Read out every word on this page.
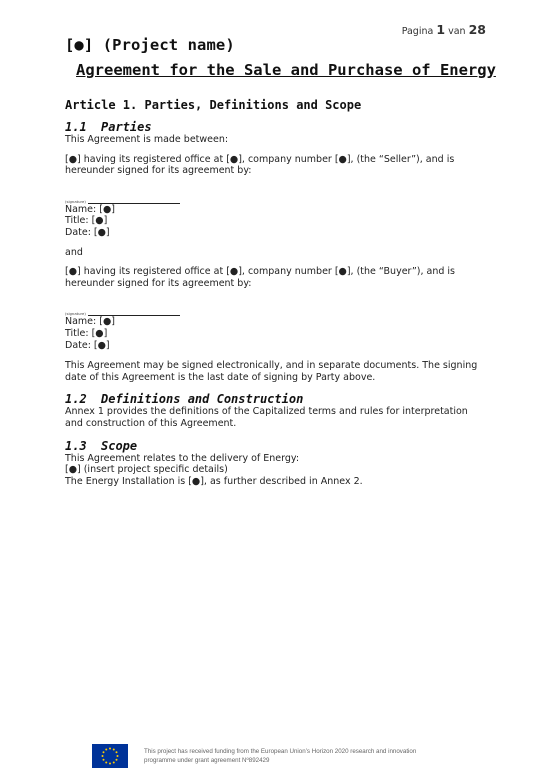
Pagina 1 van 28
[●] (Project name)
Agreement for the Sale and Purchase of Energy
Article 1. Parties, Definitions and Scope
1.1 Parties

This Agreement is made between:

[●] having its registered office at [●], company number [●], (the “Seller”), and is hereunder signed for its agreement by:

(signature)

Name: [●]

Title: [●]

Date: [●]

and

[●] having its registered office at [●], company number [●], (the “Buyer”), and is hereunder signed for its agreement by:

(signature)

Name: [●]

Title: [●]

Date: [●]

This Agreement may be signed electronically, and in separate documents. The signing date of this Agreement is the last date of signing by Party above.

1.2 Definitions and Construction

Annex 1 provides the definitions of the Capitalized terms and rules for interpretation and construction of this Agreement.

1.3 Scope

This Agreement relates to the delivery of Energy:

[●] (insert project specific details)

The Energy Installation is [●], as further described in Annex 2.

This project has received funding from the European Union’s Horizon 2020 research and innovation
programme under grant agreement Nº892429
